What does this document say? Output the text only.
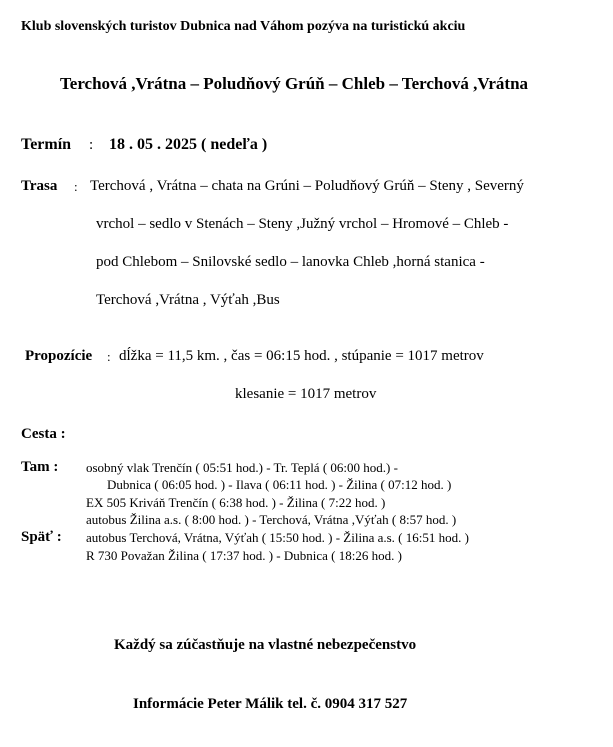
Klub slovenských turistov Dubnica nad Váhom pozýva na turistickú akciu
Terchová ,Vrátna – Poludňový Grúň – Chleb – Terchová ,Vrátna
Termín : 18 . 05 . 2025 ( nedeľa )
Trasa : Terchová , Vrátna – chata na Grúni – Poludňový Grúň – Steny , Severný
vrchol – sedlo v Stenách – Steny ,Južný vrchol – Hromové – Chleb -
pod Chlebom – Snilovské sedlo – lanovka Chleb ,horná stanica -
Terchová ,Vrátna , Výťah ,Bus
Propozície : dĺžka = 11,5 km. , čas = 06:15 hod. , stúpanie = 1017 metrov
klesanie = 1017 metrov
Cesta :
Tam : osobný vlak Trenčín ( 05:51 hod.) - Tr. Teplá ( 06:00 hod.) -
Dubnica ( 06:05 hod. ) - Ilava ( 06:11 hod. ) - Žilina ( 07:12 hod. )
EX 505 Kriváň Trenčín ( 6:38 hod. ) - Žilina ( 7:22 hod. )
autobus Žilina a.s. ( 8:00 hod. ) - Terchová, Vrátna ,Výťah ( 8:57 hod. )
Späť : autobus Terchová, Vrátna, Výťah ( 15:50 hod. ) - Žilina a.s. ( 16:51 hod. )
R 730 Považan Žilina ( 17:37 hod. ) - Dubnica ( 18:26 hod. )
Každý sa zúčastňuje na vlastné nebezpečenstvo
Informácie Peter Málik tel. č. 0904 317 527
